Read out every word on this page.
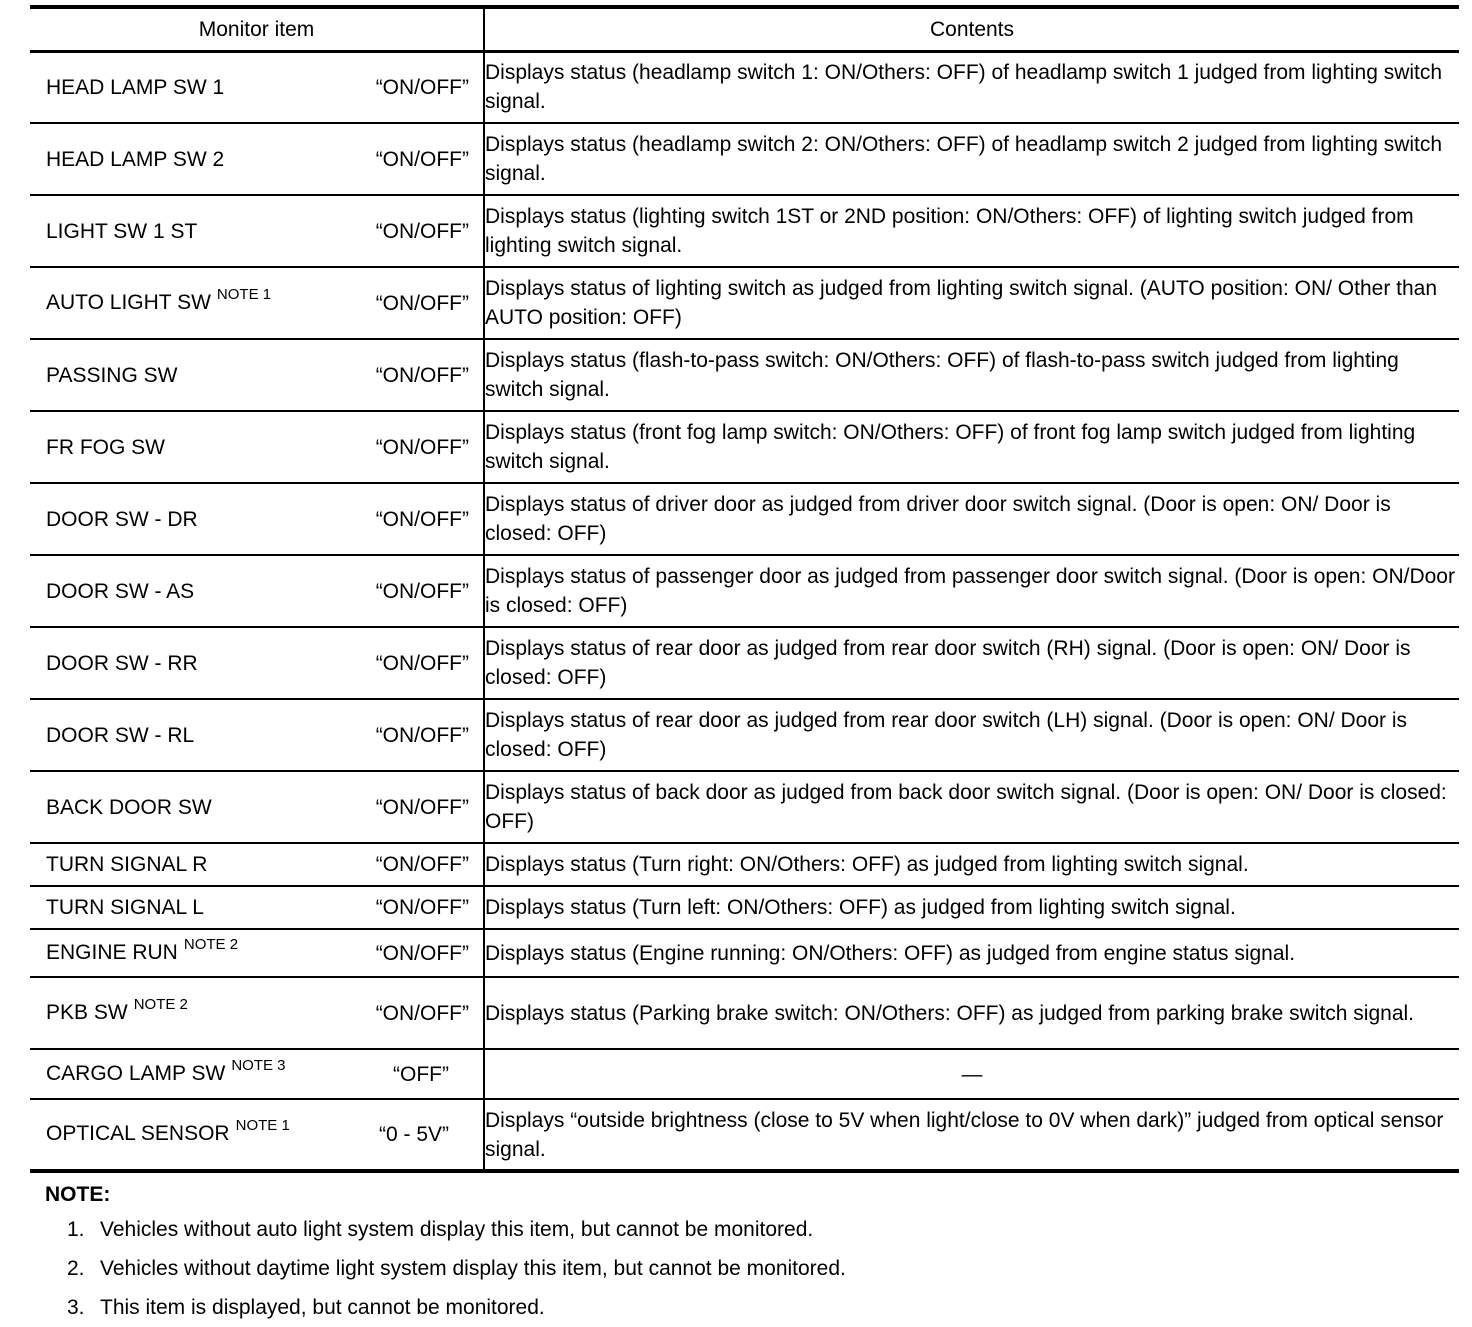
Monitor item	Contents

HEAD LAMP SW 1 “ON/OFF”	Displays status (headlamp switch 1: ON/Others: OFF) of headlamp switch 1 judged from lighting switch signal.

HEAD LAMP SW 2 “ON/OFF”	Displays status (headlamp switch 2: ON/Others: OFF) of headlamp switch 2 judged from lighting switch signal.

LIGHT SW 1 ST “ON/OFF”	Displays status (lighting switch 1ST or 2ND position: ON/Others: OFF) of lighting switch judged from lighting switch signal.

AUTO LIGHT SW $^{NOTE 1}$ “ON/OFF”	Displays status of lighting switch as judged from lighting switch signal. (AUTO position: ON/ Other than AUTO position: OFF)

PASSING SW “ON/OFF”	Displays status (flash-to-pass switch: ON/Others: OFF) of flash-to-pass switch judged from lighting switch signal.

FR FOG SW “ON/OFF”	Displays status (front fog lamp switch: ON/Others: OFF) of front fog lamp switch judged from lighting switch signal.

DOOR SW - DR “ON/OFF”	Displays status of driver door as judged from driver door switch signal. (Door is open: ON/ Door is closed: OFF)

DOOR SW - AS “ON/OFF”	Displays status of passenger door as judged from passenger door switch signal. (Door is open: ON/Door is closed: OFF)

DOOR SW - RR “ON/OFF”	Displays status of rear door as judged from rear door switch (RH) signal. (Door is open: ON/ Door is closed: OFF)

DOOR SW - RL “ON/OFF”	Displays status of rear door as judged from rear door switch (LH) signal. (Door is open: ON/ Door is closed: OFF)

BACK DOOR SW “ON/OFF”	Displays status of back door as judged from back door switch signal. (Door is open: ON/ Door is closed: OFF)

TURN SIGNAL R “ON/OFF”	Displays status (Turn right: ON/Others: OFF) as judged from lighting switch signal.

TURN SIGNAL L “ON/OFF”	Displays status (Turn left: ON/Others: OFF) as judged from lighting switch signal.

ENGINE RUN $^{NOTE 2}$ “ON/OFF”	Displays status (Engine running: ON/Others: OFF) as judged from engine status signal.

PKB SW $^{NOTE 2}$ “ON/OFF”	Displays status (Parking brake switch: ON/Others: OFF) as judged from parking brake switch signal.

CARGO LAMP SW $^{NOTE 3}$ “OFF”	—

OPTICAL SENSOR $^{NOTE 1}$ “0 - 5V”	Displays “outside brightness (close to 5V when light/close to 0V when dark)” judged from optical sensor signal.
NOTE:
1. Vehicles without auto light system display this item, but cannot be monitored.
2. Vehicles without daytime light system display this item, but cannot be monitored.
3. This item is displayed, but cannot be monitored.
